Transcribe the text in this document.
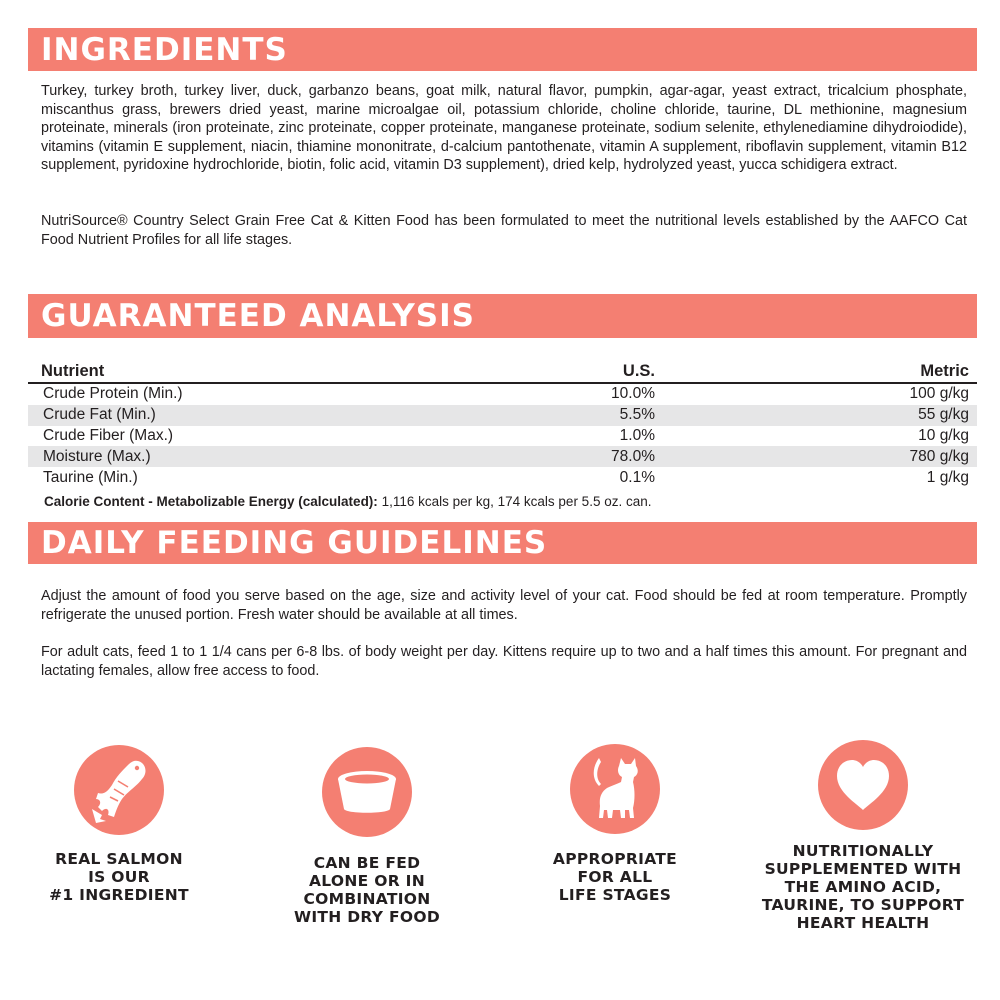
INGREDIENTS

Turkey, turkey broth, turkey liver, duck, garbanzo beans, goat milk, natural flavor, pumpkin, agar-agar, yeast extract, tricalcium phosphate, miscanthus grass, brewers dried yeast, marine microalgae oil, potassium chloride, choline chloride, taurine, DL methionine, magnesium proteinate, minerals (iron proteinate, zinc proteinate, copper proteinate, manganese proteinate, sodium selenite, ethylenediamine dihydroiodide), vitamins (vitamin E supplement, niacin, thiamine mononitrate, d-calcium pantothenate, vitamin A supplement, riboflavin supplement, vitamin B12 supplement, pyridoxine hydrochloride, biotin, folic acid, vitamin D3 supplement), dried kelp, hydrolyzed yeast, yucca schidigera extract.

NutriSource® Country Select Grain Free Cat & Kitten Food has been formulated to meet the nutritional levels established by the AAFCO Cat Food Nutrient Profiles for all life stages.

GUARANTEED ANALYSIS
Nutrient	U.S.	Metric
Crude Protein (Min.)	10.0%	100 g/kg
Crude Fat (Min.)	5.5%	55 g/kg
Crude Fiber (Max.)	1.0%	10 g/kg
Moisture (Max.)	78.0%	780 g/kg
Taurine (Min.)	0.1%	1 g/kg
Calorie Content - Metabolizable Energy (calculated): 1,116 kcals per kg, 174 kcals per 5.5 oz. can.
DAILY FEEDING GUIDELINES

Adjust the amount of food you serve based on the age, size and activity level of your cat. Food should be fed at room temperature. Promptly refrigerate the unused portion. Fresh water should be available at all times.

For adult cats, feed 1 to 1 1/4 cans per 6-8 lbs. of body weight per day. Kittens require up to two and a half times this amount. For pregnant and lactating females, allow free access to food.

REAL SALMON
IS OUR
#1 INGREDIENT
CAN BE FED
ALONE OR IN
COMBINATION
WITH DRY FOOD
APPROPRIATE
FOR ALL
LIFE STAGES
NUTRITIONALLY
SUPPLEMENTED WITH
THE AMINO ACID,
TAURINE, TO SUPPORT
HEART HEALTH
